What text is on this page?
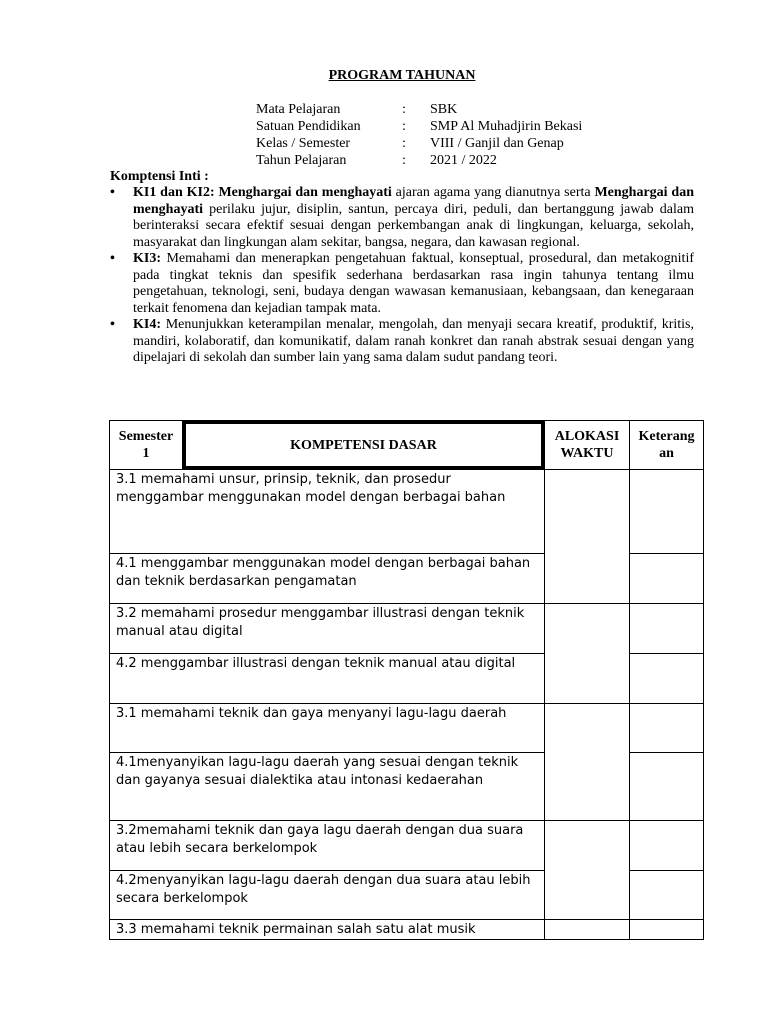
PROGRAM TAHUNAN
Mata Pelajaran	:	SBK
Satuan Pendidikan	:	SMP Al Muhadjirin Bekasi
Kelas / Semester	:	VIII / Ganjil dan Genap
Tahun Pelajaran	:	2021 / 2022
Komptensi Inti :
• KI1 dan KI2: Menghargai dan menghayati ajaran agama yang dianutnya serta Menghargai dan menghayati perilaku jujur, disiplin, santun, percaya diri, peduli, dan bertanggung jawab dalam berinteraksi secara efektif sesuai dengan perkembangan anak di lingkungan, keluarga, sekolah, masyarakat dan lingkungan alam sekitar, bangsa, negara, dan kawasan regional.
• KI3: Memahami dan menerapkan pengetahuan faktual, konseptual, prosedural, dan metakognitif pada tingkat teknis dan spesifik sederhana berdasarkan rasa ingin tahunya tentang ilmu pengetahuan, teknologi, seni, budaya dengan wawasan kemanusiaan, kebangsaan, dan kenegaraan terkait fenomena dan kejadian tampak mata.
• KI4: Menunjukkan keterampilan menalar, mengolah, dan menyaji secara kreatif, produktif, kritis, mandiri, kolaboratif, dan komunikatif, dalam ranah konkret dan ranah abstrak sesuai dengan yang dipelajari di sekolah dan sumber lain yang sama dalam sudut pandang teori.
Semester 1	KOMPETENSI DASAR	ALOKASI WAKTU	Keterangan

3.1 memahami unsur, prinsip, teknik, dan prosedur menggambar menggunakan model dengan berbagai bahan			
4.1 menggambar menggunakan model dengan berbagai bahan dan teknik berdasarkan pengamatan			
3.2 memahami prosedur menggambar illustrasi dengan teknik manual atau digital			
4.2 menggambar illustrasi dengan teknik manual atau digital			
3.1 memahami teknik dan gaya menyanyi lagu-lagu daerah			
4.1menyanyikan lagu-lagu daerah yang sesuai dengan teknik dan gayanya sesuai dialektika atau intonasi kedaerahan			
3.2memahami teknik dan gaya lagu daerah dengan dua suara atau lebih secara berkelompok			
4.2menyanyikan lagu-lagu daerah dengan dua suara atau lebih secara berkelompok			
3.3 memahami teknik permainan salah satu alat musik			
